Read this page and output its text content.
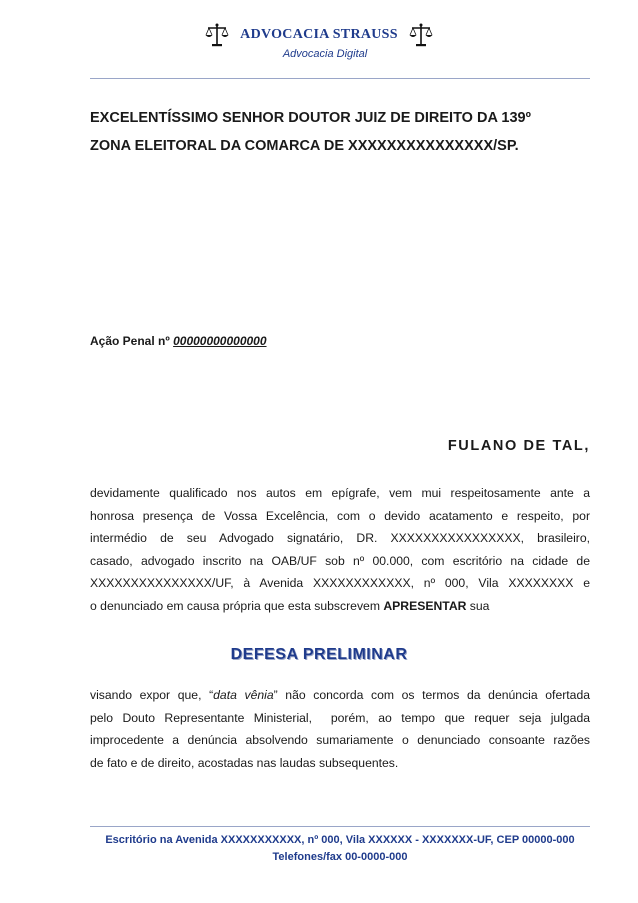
ADVOCACIA STRAUSS
Advocacia Digital
EXCELENTÍSSIMO SENHOR DOUTOR JUIZ DE DIREITO DA 139º
ZONA ELEITORAL DA COMARCA DE XXXXXXXXXXXXXXX/SP.
Ação Penal nº 00000000000000
FULANO DE TAL,
devidamente qualificado nos autos em epígrafe, vem mui respeitosamente ante a
honrosa presença de Vossa Excelência, com o devido acatamento e respeito, por
intermédio de seu Advogado signatário, DR. XXXXXXXXXXXXXXXX, brasileiro,
casado, advogado inscrito na OAB/UF sob nº 00.000, com escritório na cidade de
XXXXXXXXXXXXXXX/UF, à Avenida XXXXXXXXXXXX, nº 000, Vila XXXXXXXX e
o denunciado em causa própria que esta subscrevem APRESENTAR sua
DEFESA PRELIMINAR
visando expor que, “data vênia” não concorda com os termos da denúncia ofertada
pelo Douto Representante Ministerial,  porém, ao tempo que requer seja julgada
improcedente a denúncia absolvendo sumariamente o denunciado consoante razões
de fato e de direito, acostadas nas laudas subsequentes.
Escritório na Avenida XXXXXXXXXXX, nº 000, Vila XXXXXX - XXXXXXX-UF, CEP 00000-000
Telefones/fax 00-0000-000
